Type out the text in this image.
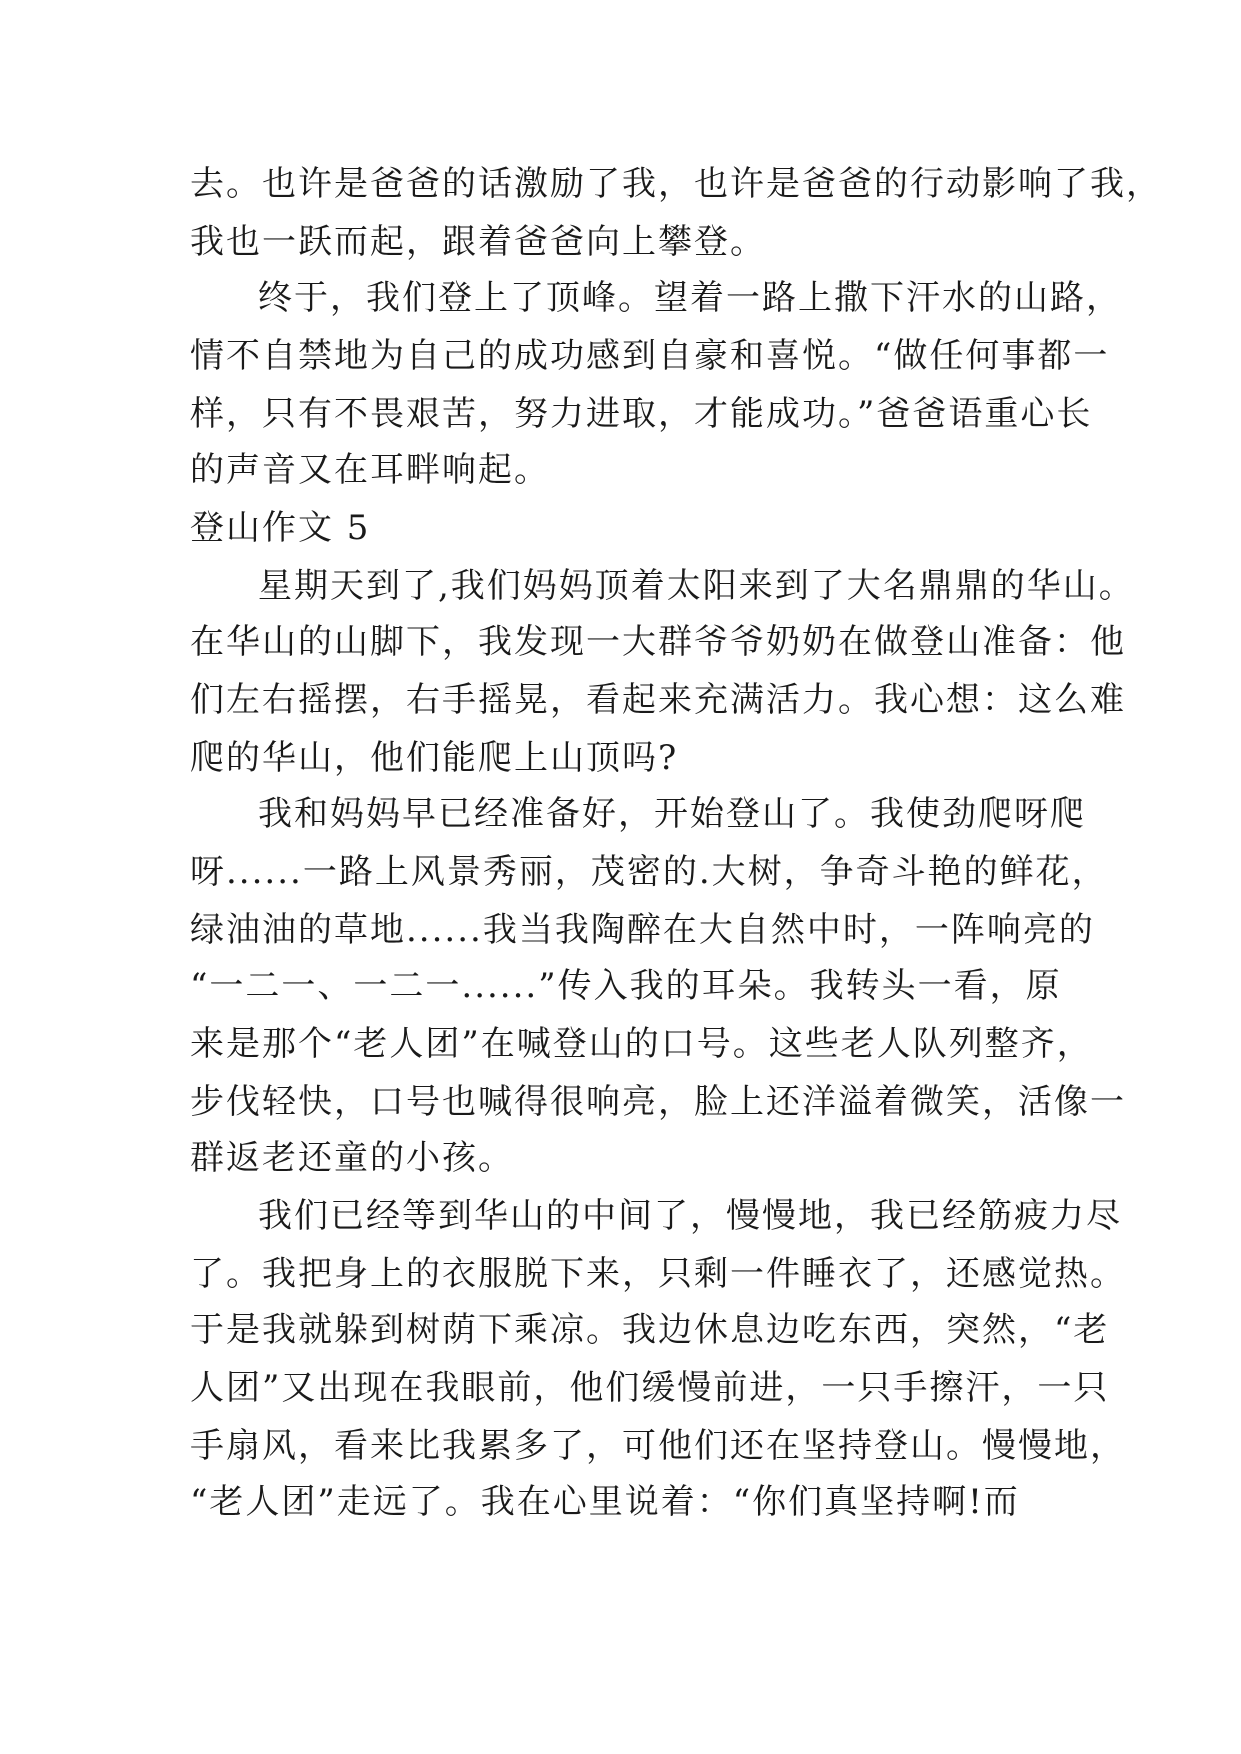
去。也许是爸爸的话激励了我，也许是爸爸的行动影响了我，
我也一跃而起，跟着爸爸向上攀登。
终于，我们登上了顶峰。望着一路上撒下汗水的山路，
情不自禁地为自己的成功感到自豪和喜悦。“做任何事都一
样，只有不畏艰苦，努力进取，才能成功。”爸爸语重心长
的声音又在耳畔响起。
登山作文 5
星期天到了,我们妈妈顶着太阳来到了大名鼎鼎的华山。
在华山的山脚下，我发现一大群爷爷奶奶在做登山准备：他
们左右摇摆，右手摇晃，看起来充满活力。我心想：这么难
爬的华山，他们能爬上山顶吗?
我和妈妈早已经准备好，开始登山了。我使劲爬呀爬
呀......一路上风景秀丽，茂密的.大树，争奇斗艳的鲜花，
绿油油的草地......我当我陶醉在大自然中时，一阵响亮的
“一二一、一二一......”传入我的耳朵。我转头一看，原
来是那个“老人团”在喊登山的口号。这些老人队列整齐，
步伐轻快，口号也喊得很响亮，脸上还洋溢着微笑，活像一
群返老还童的小孩。
我们已经等到华山的中间了，慢慢地，我已经筋疲力尽
了。我把身上的衣服脱下来，只剩一件睡衣了，还感觉热。
于是我就躲到树荫下乘凉。我边休息边吃东西，突然，“老
人团”又出现在我眼前，他们缓慢前进，一只手擦汗，一只
手扇风，看来比我累多了，可他们还在坚持登山。慢慢地，
“老人团”走远了。我在心里说着：“你们真坚持啊!而
